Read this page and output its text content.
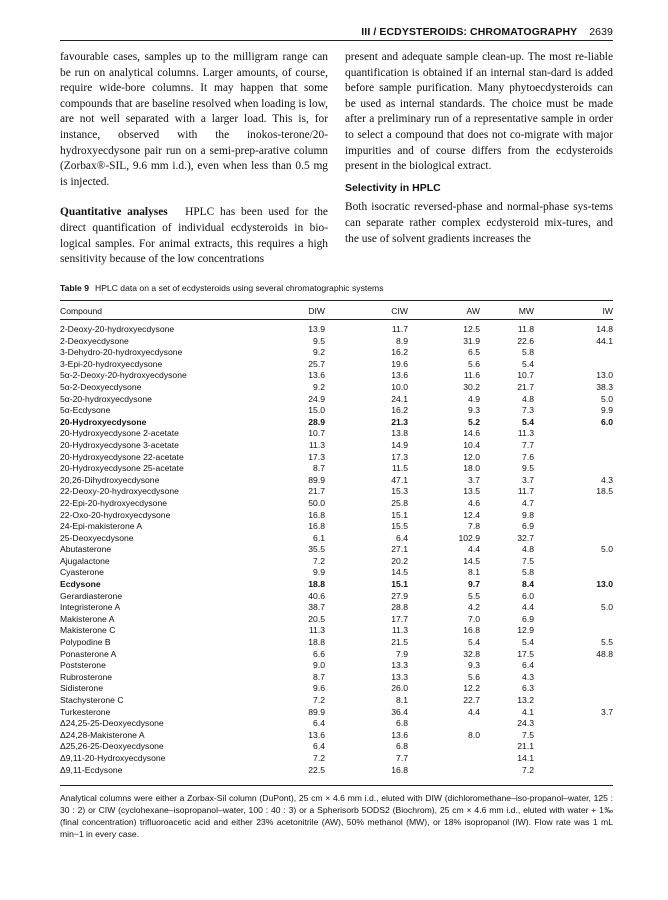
III / ECDYSTEROIDS: CHROMATOGRAPHY 2639

favourable cases, samples up to the milligram range can be run on analytical columns. Larger amounts, of course, require wide-bore columns. It may happen that some compounds that are baseline resolved when loading is low, are not well separated with a larger load. This is, for instance, observed with the inokos-terone/20-hydroxyecdysone pair run on a semi-prep-arative column (Zorbax®-SIL, 9.6 mm i.d.), even when less than 0.5 mg is injected.

Quantitative analyses HPLC has been used for the direct quantification of individual ecdysteroids in bio-logical samples. For animal extracts, this requires a high sensitivity because of the low concentrations

present and adequate sample clean-up. The most re-liable quantification is obtained if an internal stan-dard is added before sample purification. Many phytoecdysteroids can be used as internal standards. The choice must be made after a preliminary run of a representative sample in order to select a compound that does not co-migrate with major impurities and of course differs from the ecdysteroids present in the biological extract.

Selectivity in HPLC

Both isocratic reversed-phase and normal-phase sys-tems can separate rather complex ecdysteroid mix-tures, and the use of solvent gradients increases the

Table 9 HPLC data on a set of ecdysteroids using several chromatographic systems
Compound	DIW	CIW	AW	MW	IW

2-Deoxy-20-hydroxyecdysone	13.9	11.7	12.5	11.8	14.8
2-Deoxyecdysone	9.5	8.9	31.9	22.6	44.1
3-Dehydro-20-hydroxyecdysone	9.2	16.2	6.5	5.8	
3-Epi-20-hydroxyecdysone	25.7	19.6	5.6	5.4	
5α-2-Deoxy-20-hydroxyecdysone	13.6	13.6	11.6	10.7	13.0
5α-2-Deoxyecdysone	9.2	10.0	30.2	21.7	38.3
5α-20-hydroxyecdysone	24.9	24.1	4.9	4.8	5.0
5α-Ecdysone	15.0	16.2	9.3	7.3	9.9
20-Hydroxyecdysone	28.9	21.3	5.2	5.4	6.0
20-Hydroxyecdysone 2-acetate	10.7	13.8	14.6	11.3	
20-Hydroxyecdysone 3-acetate	11.3	14.9	10.4	7.7	
20-Hydroxyecdysone 22-acetate	17.3	17.3	12.0	7.6	
20-Hydroxyecdysone 25-acetate	8.7	11.5	18.0	9.5	
20,26-Dihydroxyecdysone	89.9	47.1	3.7	3.7	4.3
22-Deoxy-20-hydroxyecdysone	21.7	15.3	13.5	11.7	18.5
22-Epi-20-hydroxyecdysone	50.0	25.8	4.6	4.7	
22-Oxo-20-hydroxyecdysone	16.8	15.1	12.4	9.8	
24-Epi-makisterone A	16.8	15.5	7.8	6.9	
25-Deoxyecdysone	6.1	6.4	102.9	32.7	
Abutasterone	35.5	27.1	4.4	4.8	5.0
Ajugalactone	7.2	20.2	14.5	7.5	
Cyasterone	9.9	14.5	8.1	5.8	
Ecdysone	18.8	15.1	9.7	8.4	13.0
Gerardiasterone	40.6	27.9	5.5	6.0	
Integristerone A	38.7	28.8	4.2	4.4	5.0
Makisterone A	20.5	17.7	7.0	6.9	
Makisterone C	11.3	11.3	16.8	12.9	
Polypodine B	18.8	21.5	5.4	5.4	5.5
Ponasterone A	6.6	7.9	32.8	17.5	48.8
Poststerone	9.0	13.3	9.3	6.4	
Rubrosterone	8.7	13.3	5.6	4.3	
Sidisterone	9.6	26.0	12.2	6.3	
Stachysterone C	7.2	8.1	22.7	13.2	
Turkesterone	89.9	36.4	4.4	4.1	3.7
Δ24,25-25-Deoxyecdysone	6.4	6.8		24.3	
Δ24,28-Makisterone A	13.6	13.6	8.0	7.5	
Δ25,26-25-Deoxyecdysone	6.4	6.8		21.1	
Δ9,11-20-Hydroxyecdysone	7.2	7.7		14.1	
Δ9,11-Ecdysone	22.5	16.8		7.2	
Analytical columns were either a Zorbax-Sil column (DuPont), 25 cm × 4.6 mm i.d., eluted with DIW (dichloromethane–iso-propanol–water, 125 : 30 : 2) or CIW (cyclohexane–isopropanol–water, 100 : 40 : 3) or a Spherisorb 5ODS2 (Biochrom), 25 cm × 4.6 mm i.d., eluted with water + 1‰ (final concentration) trifluoroacetic acid and either 23% acetonitrile (AW), 50% methanol (MW), or 18% isopropanol (IW). Flow rate was 1 mL min−1 in every case.
